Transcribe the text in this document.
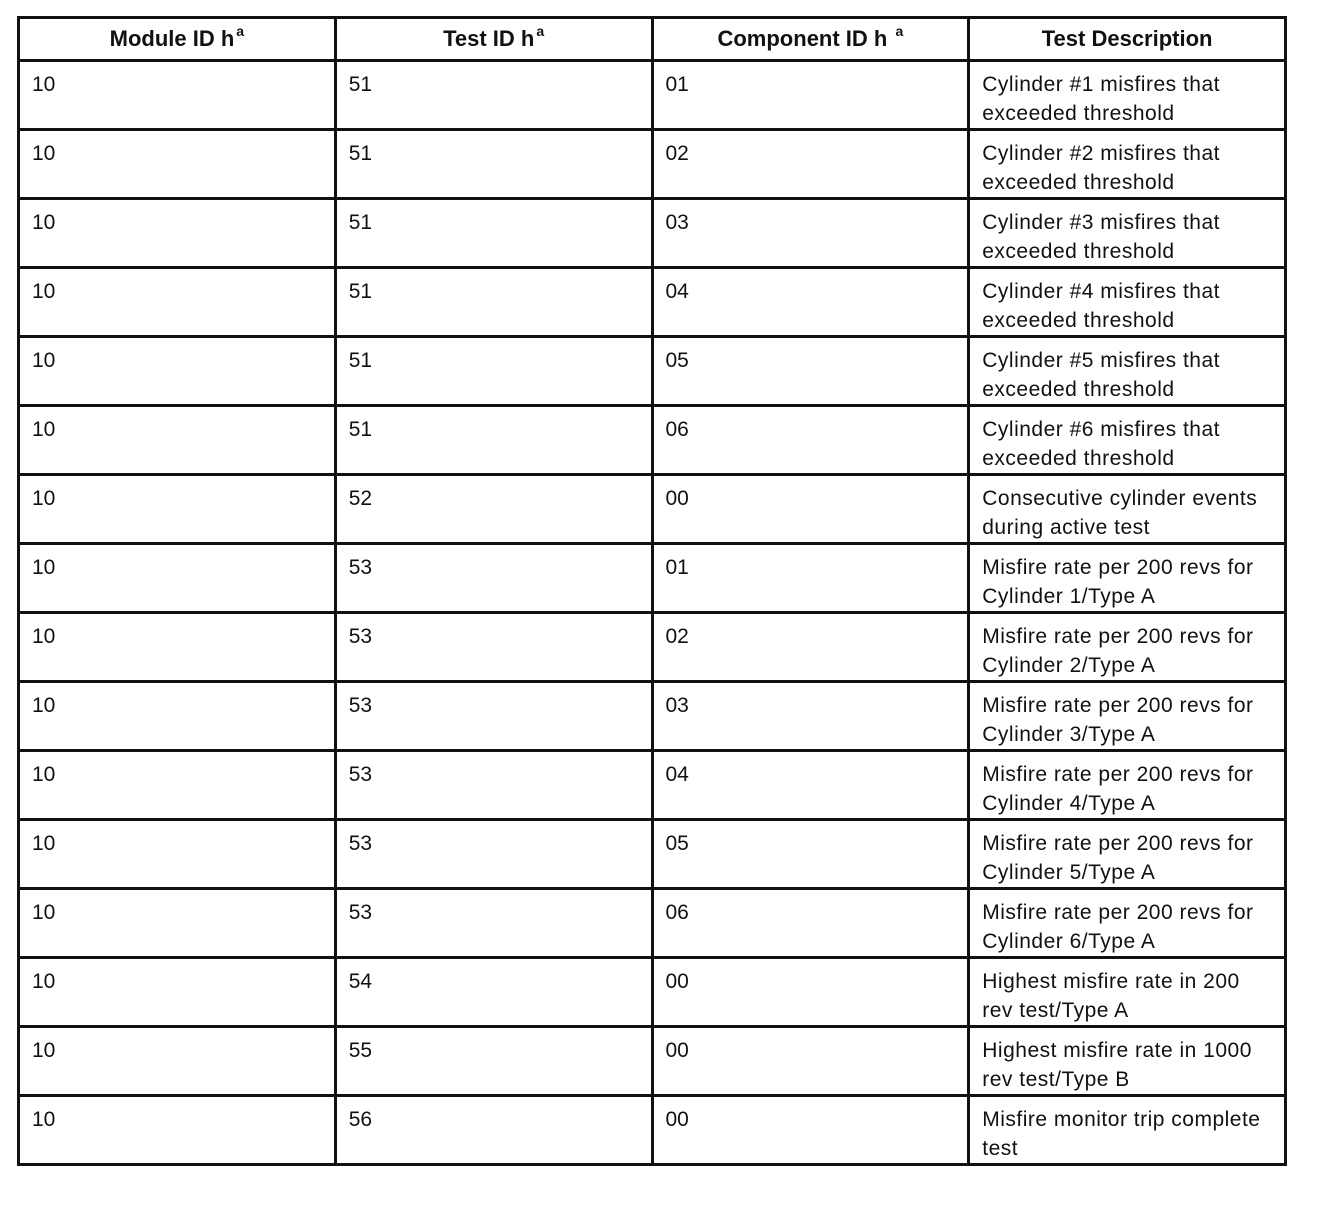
Module ID h $^a$	Test ID h $^a$	Component ID h $^a$	Test Description
10	51	01	Cylinder #1 misfires that exceeded threshold
10	51	02	Cylinder #2 misfires that exceeded threshold
10	51	03	Cylinder #3 misfires that exceeded threshold
10	51	04	Cylinder #4 misfires that exceeded threshold
10	51	05	Cylinder #5 misfires that exceeded threshold
10	51	06	Cylinder #6 misfires that exceeded threshold
10	52	00	Consecutive cylinder events during active test
10	53	01	Misfire rate per 200 revs for Cylinder 1/Type A
10	53	02	Misfire rate per 200 revs for Cylinder 2/Type A
10	53	03	Misfire rate per 200 revs for Cylinder 3/Type A
10	53	04	Misfire rate per 200 revs for Cylinder 4/Type A
10	53	05	Misfire rate per 200 revs for Cylinder 5/Type A
10	53	06	Misfire rate per 200 revs for Cylinder 6/Type A
10	54	00	Highest misfire rate in 200 rev test/Type A
10	55	00	Highest misfire rate in 1000 rev test/Type B
10	56	00	Misfire monitor trip complete test
